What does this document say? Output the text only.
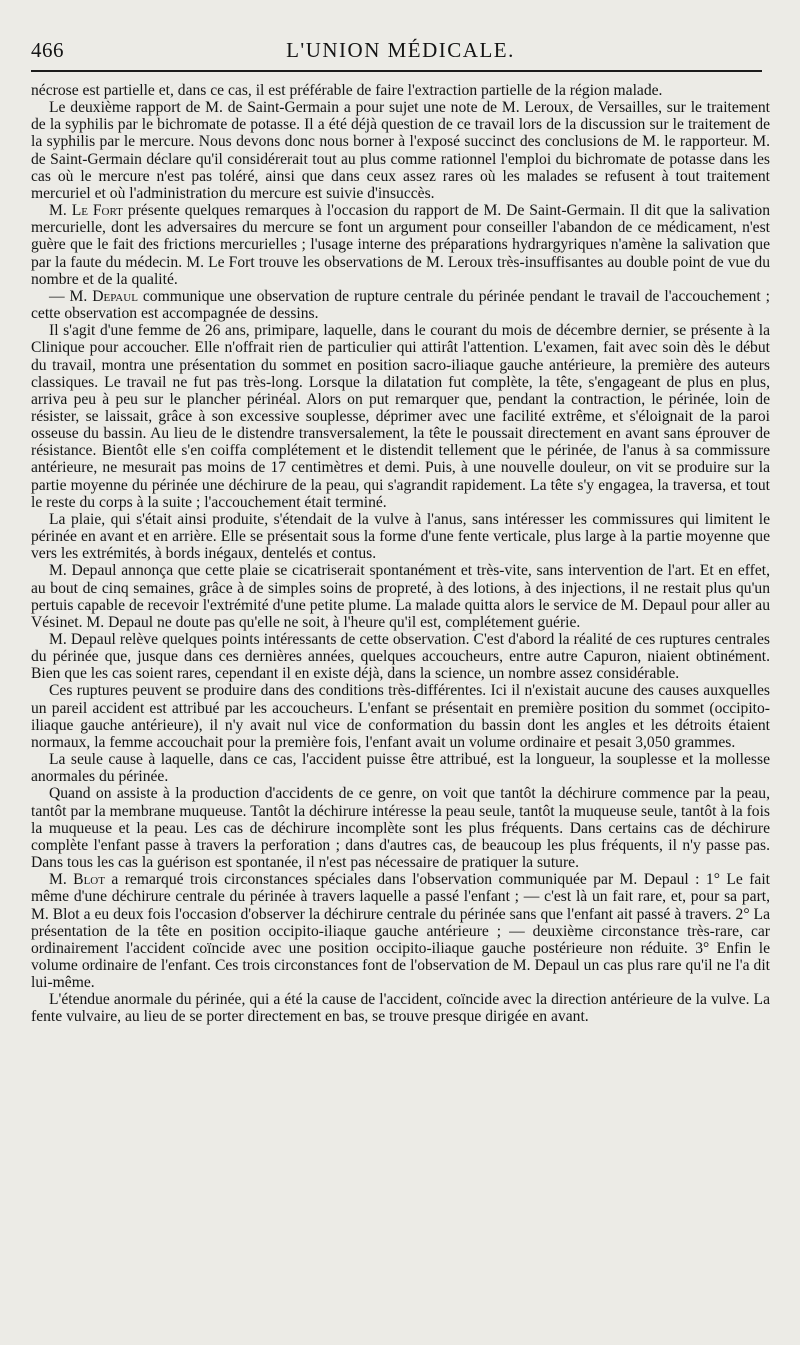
466	L'UNION MÉDICALE.

nécrose est partielle et, dans ce cas, il est préférable de faire l'extraction partielle de la région malade.

Le deuxième rapport de M. de Saint-Germain a pour sujet une note de M. Leroux, de Versailles, sur le traitement de la syphilis par le bichromate de potasse. Il a été déjà question de ce travail lors de la discussion sur le traitement de la syphilis par le mercure. Nous devons donc nous borner à l'exposé succinct des conclusions de M. le rapporteur. M. de Saint-Germain déclare qu'il considérerait tout au plus comme rationnel l'emploi du bichromate de potasse dans les cas où le mercure n'est pas toléré, ainsi que dans ceux assez rares où les malades se refusent à tout traitement mercuriel et où l'administration du mercure est suivie d'insuccès.

M. Le Fort présente quelques remarques à l'occasion du rapport de M. De Saint-Germain. Il dit que la salivation mercurielle, dont les adversaires du mercure se font un argument pour conseiller l'abandon de ce médicament, n'est guère que le fait des frictions mercurielles ; l'usage interne des préparations hydrargyriques n'amène la salivation que par la faute du médecin. M. Le Fort trouve les observations de M. Leroux très-insuffisantes au double point de vue du nombre et de la qualité.

— M. Depaul communique une observation de rupture centrale du périnée pendant le travail de l'accouchement ; cette observation est accompagnée de dessins.

Il s'agit d'une femme de 26 ans, primipare, laquelle, dans le courant du mois de décembre dernier, se présente à la Clinique pour accoucher. Elle n'offrait rien de particulier qui attirât l'attention. L'examen, fait avec soin dès le début du travail, montra une présentation du sommet en position sacro-iliaque gauche antérieure, la première des auteurs classiques. Le travail ne fut pas très-long. Lorsque la dilatation fut complète, la tête, s'engageant de plus en plus, arriva peu à peu sur le plancher périnéal. Alors on put remarquer que, pendant la contraction, le périnée, loin de résister, se laissait, grâce à son excessive souplesse, déprimer avec une facilité extrême, et s'éloignait de la paroi osseuse du bassin. Au lieu de le distendre transversalement, la tête le poussait directement en avant sans éprouver de résistance. Bientôt elle s'en coiffa complétement et le distendit tellement que le périnée, de l'anus à sa commissure antérieure, ne mesurait pas moins de 17 centimètres et demi. Puis, à une nouvelle douleur, on vit se produire sur la partie moyenne du périnée une déchirure de la peau, qui s'agrandit rapidement. La tête s'y engagea, la traversa, et tout le reste du corps à la suite ; l'accouchement était terminé.

La plaie, qui s'était ainsi produite, s'étendait de la vulve à l'anus, sans intéresser les commissures qui limitent le périnée en avant et en arrière. Elle se présentait sous la forme d'une fente verticale, plus large à la partie moyenne que vers les extrémités, à bords inégaux, dentelés et contus.

M. Depaul annonça que cette plaie se cicatriserait spontanément et très-vite, sans intervention de l'art. Et en effet, au bout de cinq semaines, grâce à de simples soins de propreté, à des lotions, à des injections, il ne restait plus qu'un pertuis capable de recevoir l'extrémité d'une petite plume. La malade quitta alors le service de M. Depaul pour aller au Vésinet. M. Depaul ne doute pas qu'elle ne soit, à l'heure qu'il est, complétement guérie.

M. Depaul relève quelques points intéressants de cette observation. C'est d'abord la réalité de ces ruptures centrales du périnée que, jusque dans ces dernières années, quelques accoucheurs, entre autre Capuron, niaient obtinément. Bien que les cas soient rares, cependant il en existe déjà, dans la science, un nombre assez considérable.

Ces ruptures peuvent se produire dans des conditions très-différentes. Ici il n'existait aucune des causes auxquelles un pareil accident est attribué par les accoucheurs. L'enfant se présentait en première position du sommet (occipito-iliaque gauche antérieure), il n'y avait nul vice de conformation du bassin dont les angles et les détroits étaient normaux, la femme accouchait pour la première fois, l'enfant avait un volume ordinaire et pesait 3,050 grammes.

La seule cause à laquelle, dans ce cas, l'accident puisse être attribué, est la longueur, la souplesse et la mollesse anormales du périnée.

Quand on assiste à la production d'accidents de ce genre, on voit que tantôt la déchirure commence par la peau, tantôt par la membrane muqueuse. Tantôt la déchirure intéresse la peau seule, tantôt la muqueuse seule, tantôt à la fois la muqueuse et la peau. Les cas de déchirure incomplète sont les plus fréquents. Dans certains cas de déchirure complète l'enfant passe à travers la perforation ; dans d'autres cas, de beaucoup les plus fréquents, il n'y passe pas. Dans tous les cas la guérison est spontanée, il n'est pas nécessaire de pratiquer la suture.

M. Blot a remarqué trois circonstances spéciales dans l'observation communiquée par M. Depaul : 1° Le fait même d'une déchirure centrale du périnée à travers laquelle a passé l'enfant ; — c'est là un fait rare, et, pour sa part, M. Blot a eu deux fois l'occasion d'observer la déchirure centrale du périnée sans que l'enfant ait passé à travers. 2° La présentation de la tête en position occipito-iliaque gauche antérieure ; — deuxième circonstance très-rare, car ordinairement l'accident coïncide avec une position occipito-iliaque gauche postérieure non réduite. 3° Enfin le volume ordinaire de l'enfant. Ces trois circonstances font de l'observation de M. Depaul un cas plus rare qu'il ne l'a dit lui-même.

L'étendue anormale du périnée, qui a été la cause de l'accident, coïncide avec la direction antérieure de la vulve. La fente vulvaire, au lieu de se porter directement en bas, se trouve presque dirigée en avant.
